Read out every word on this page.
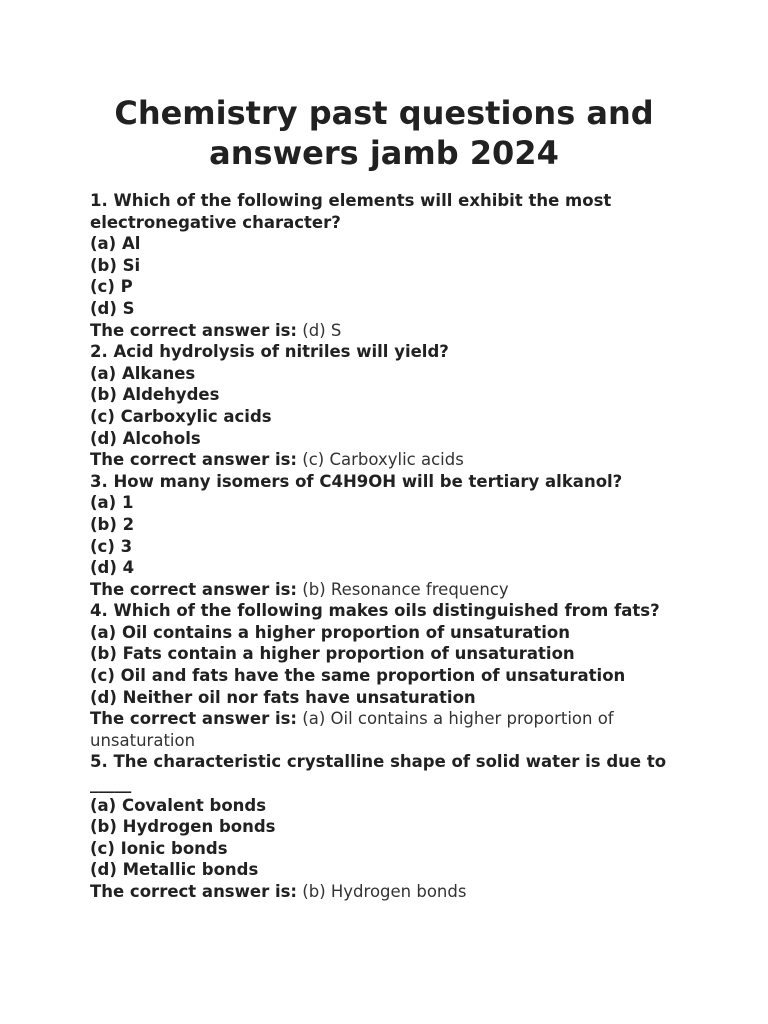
Chemistry past questions and answers jamb 2024
1. Which of the following elements will exhibit the most electronegative character?
(a) Al
(b) Si
(c) P
(d) S
The correct answer is: (d) S
2. Acid hydrolysis of nitriles will yield?
(a) Alkanes
(b) Aldehydes
(c) Carboxylic acids
(d) Alcohols
The correct answer is: (c) Carboxylic acids
3. How many isomers of C4H9OH will be tertiary alkanol?
(a) 1
(b) 2
(c) 3
(d) 4
The correct answer is: (b) Resonance frequency
4. Which of the following makes oils distinguished from fats?
(a) Oil contains a higher proportion of unsaturation
(b) Fats contain a higher proportion of unsaturation
(c) Oil and fats have the same proportion of unsaturation
(d) Neither oil nor fats have unsaturation
The correct answer is: (a) Oil contains a higher proportion of unsaturation
5. The characteristic crystalline shape of solid water is due to _____
(a) Covalent bonds
(b) Hydrogen bonds
(c) Ionic bonds
(d) Metallic bonds
The correct answer is: (b) Hydrogen bonds
